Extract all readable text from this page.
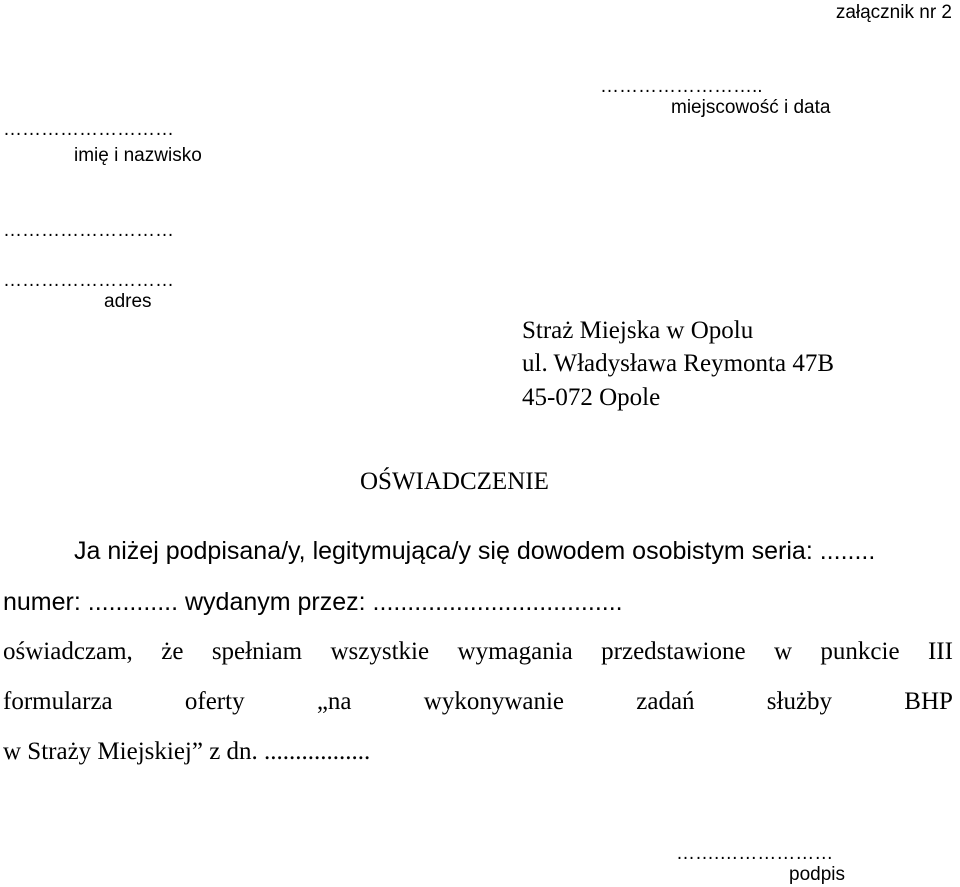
załącznik nr 2
……………………..
miejscowość i data
………………………
imię i nazwisko
………………………
………………………
adres
Straż Miejska w Opolu
ul. Władysława Reymonta 47B
45-072 Opole
OŚWIADCZENIE
Ja niżej podpisana/y, legitymująca/y się dowodem osobistym seria: ........
numer: ............. wydanym przez: ....................................
oświadczam, że spełniam wszystkie wymagania przedstawione w punkcie III
formularza	oferty	„na	wykonywanie	zadań	służby	BHP
w Straży Miejskiej” z dn. .................
…….………………
podpis
